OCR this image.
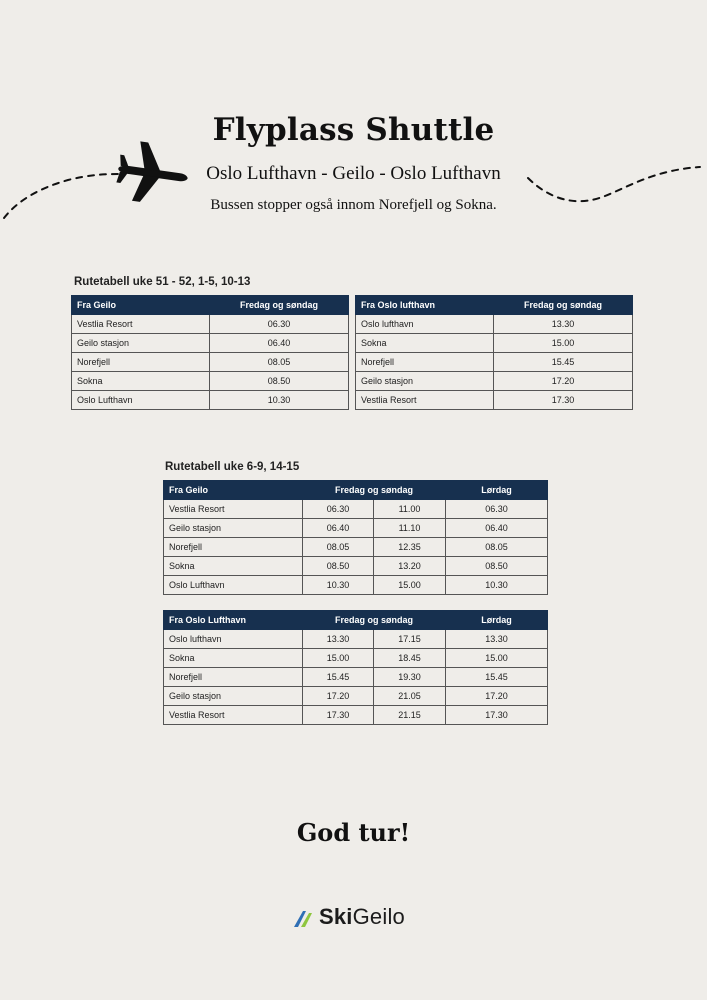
Flyplass Shuttle
Oslo Lufthavn - Geilo - Oslo Lufthavn
Bussen stopper også innom Norefjell og Sokna.
Rutetabell uke 51 - 52, 1-5, 10-13
Fra Geilo	Fredag og søndag
Vestlia Resort	06.30
Geilo stasjon	06.40
Norefjell	08.05
Sokna	08.50
Oslo Lufthavn	10.30
Fra Oslo lufthavn	Fredag og søndag
Oslo lufthavn	13.30
Sokna	15.00
Norefjell	15.45
Geilo stasjon	17.20
Vestlia Resort	17.30
Rutetabell uke 6-9, 14-15
Fra Geilo	Fredag og søndag		Lørdag
Vestlia Resort	06.30	11.00	06.30
Geilo stasjon	06.40	11.10	06.40
Norefjell	08.05	12.35	08.05
Sokna	08.50	13.20	08.50
Oslo Lufthavn	10.30	15.00	10.30
Fra Oslo Lufthavn	Fredag og søndag		Lørdag
Oslo lufthavn	13.30	17.15	13.30
Sokna	15.00	18.45	15.00
Norefjell	15.45	19.30	15.45
Geilo stasjon	17.20	21.05	17.20
Vestlia Resort	17.30	21.15	17.30
God tur!
SkiGeilo
